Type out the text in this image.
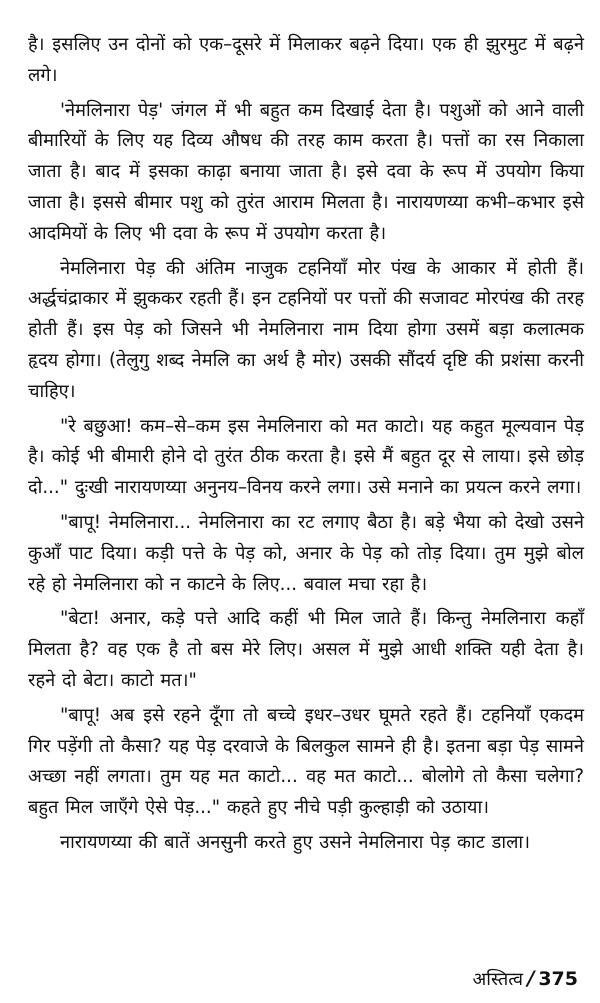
है। इसलिए उन दोनों को एक–दूसरे में मिलाकर बढ़ने दिया। एक ही झुरमुट में बढ़ने लगे।

'नेमलिनारा पेड़' जंगल में भी बहुत कम दिखाई देता है। पशुओं को आने वाली बीमारियों के लिए यह दिव्य औषध की तरह काम करता है। पत्तों का रस निकाला जाता है। बाद में इसका काढ़ा बनाया जाता है। इसे दवा के रूप में उपयोग किया जाता है। इससे बीमार पशु को तुरंत आराम मिलता है। नारायणय्या कभी–कभार इसे आदमियों के लिए भी दवा के रूप में उपयोग करता है।

नेमलिनारा पेड़ की अंतिम नाजुक टहनियाँ मोर पंख के आकार में होती हैं। अर्द्धचंद्राकार में झुककर रहती हैं। इन टहनियों पर पत्तों की सजावट मोरपंख की तरह होती हैं। इस पेड़ को जिसने भी नेमलिनारा नाम दिया होगा उसमें बड़ा कलात्मक हृदय होगा। (तेलुगु शब्द नेमलि का अर्थ है मोर) उसकी सौंदर्य दृष्टि की प्रशंसा करनी चाहिए।

"रे बछुआ! कम–से–कम इस नेमलिनारा को मत काटो। यह कहुत मूल्यवान पेड़ है। कोई भी बीमारी होने दो तुरंत ठीक करता है। इसे मैं बहुत दूर से लाया। इसे छोड़ दो..." दुःखी नारायणय्या अनुनय–विनय करने लगा। उसे मनाने का प्रयत्न करने लगा।

"बापू! नेमलिनारा... नेमलिनारा का रट लगाए बैठा है। बड़े भैया को देखो उसने कुआँ पाट दिया। कड़ी पत्ते के पेड़ को, अनार के पेड़ को तोड़ दिया। तुम मुझे बोल रहे हो नेमलिनारा को न काटने के लिए... बवाल मचा रहा है।

"बेटा! अनार, कड़े पत्ते आदि कहीं भी मिल जाते हैं। किन्तु नेमलिनारा कहाँ मिलता है? वह एक है तो बस मेरे लिए। असल में मुझे आधी शक्ति यही देता है। रहने दो बेटा। काटो मत।"

"बापू! अब इसे रहने दूँगा तो बच्चे इधर–उधर घूमते रहते हैं। टहनियाँ एकदम गिर पड़ेंगी तो कैसा? यह पेड़ दरवाजे के बिलकुल सामने ही है। इतना बड़ा पेड़ सामने अच्छा नहीं लगता। तुम यह मत काटो... वह मत काटो... बोलोगे तो कैसा चलेगा? बहुत मिल जाएँगे ऐसे पेड़..." कहते हुए नीचे पड़ी कुल्हाड़ी को उठाया।

नारायणय्या की बातें अनसुनी करते हुए उसने नेमलिनारा पेड़ काट डाला।

अस्तित्व / 375
